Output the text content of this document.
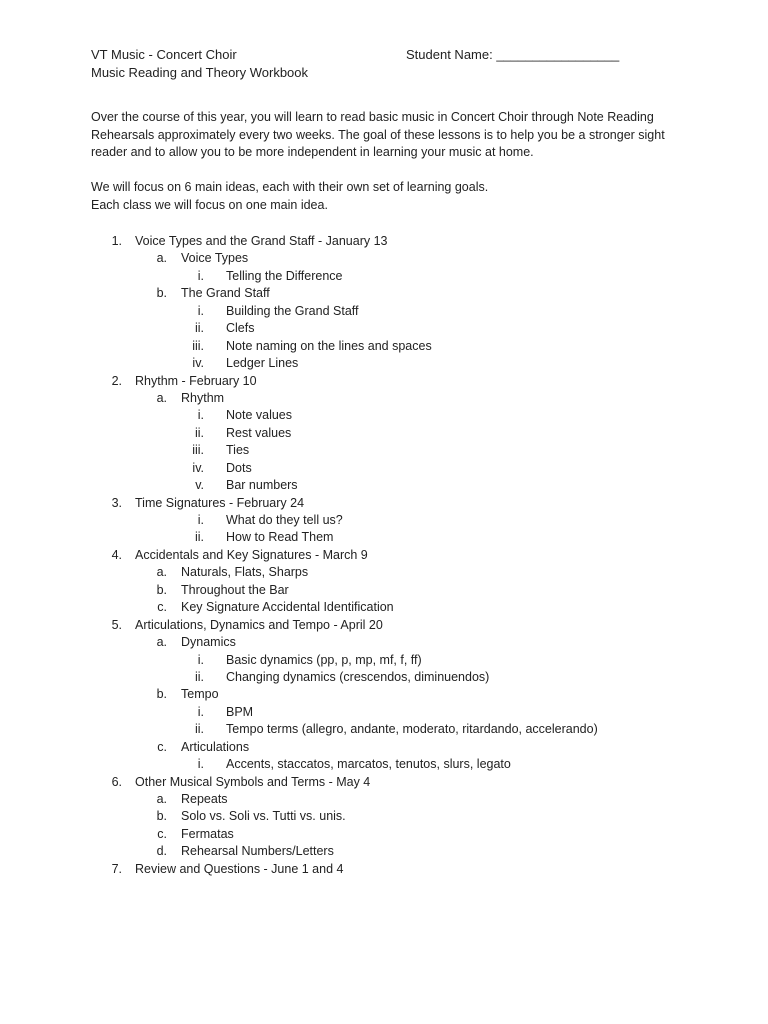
VT Music - Concert Choir
Music Reading and Theory Workbook
Student Name: _________________
Over the course of this year, you will learn to read basic music in Concert Choir through Note Reading Rehearsals approximately every two weeks. The goal of these lessons is to help you be a stronger sight reader and to allow you to be more independent in learning your music at home.
We will focus on 6 main ideas, each with their own set of learning goals.
Each class we will focus on one main idea.
1. Voice Types and the Grand Staff - January 13
a. Voice Types
i. Telling the Difference
b. The Grand Staff
i. Building the Grand Staff
ii. Clefs
iii. Note naming on the lines and spaces
iv. Ledger Lines
2. Rhythm - February 10
a. Rhythm
i. Note values
ii. Rest values
iii. Ties
iv. Dots
v. Bar numbers
3. Time Signatures - February 24
i. What do they tell us?
ii. How to Read Them
4. Accidentals and Key Signatures - March 9
a. Naturals, Flats, Sharps
b. Throughout the Bar
c. Key Signature Accidental Identification
5. Articulations, Dynamics and Tempo - April 20
a. Dynamics
i. Basic dynamics (pp, p, mp, mf, f, ff)
ii. Changing dynamics (crescendos, diminuendos)
b. Tempo
i. BPM
ii. Tempo terms (allegro, andante, moderato, ritardando, accelerando)
c. Articulations
i. Accents, staccatos, marcatos, tenutos, slurs, legato
6. Other Musical Symbols and Terms - May 4
a. Repeats
b. Solo vs. Soli vs. Tutti vs. unis.
c. Fermatas
d. Rehearsal Numbers/Letters
7. Review and Questions - June 1 and 4
